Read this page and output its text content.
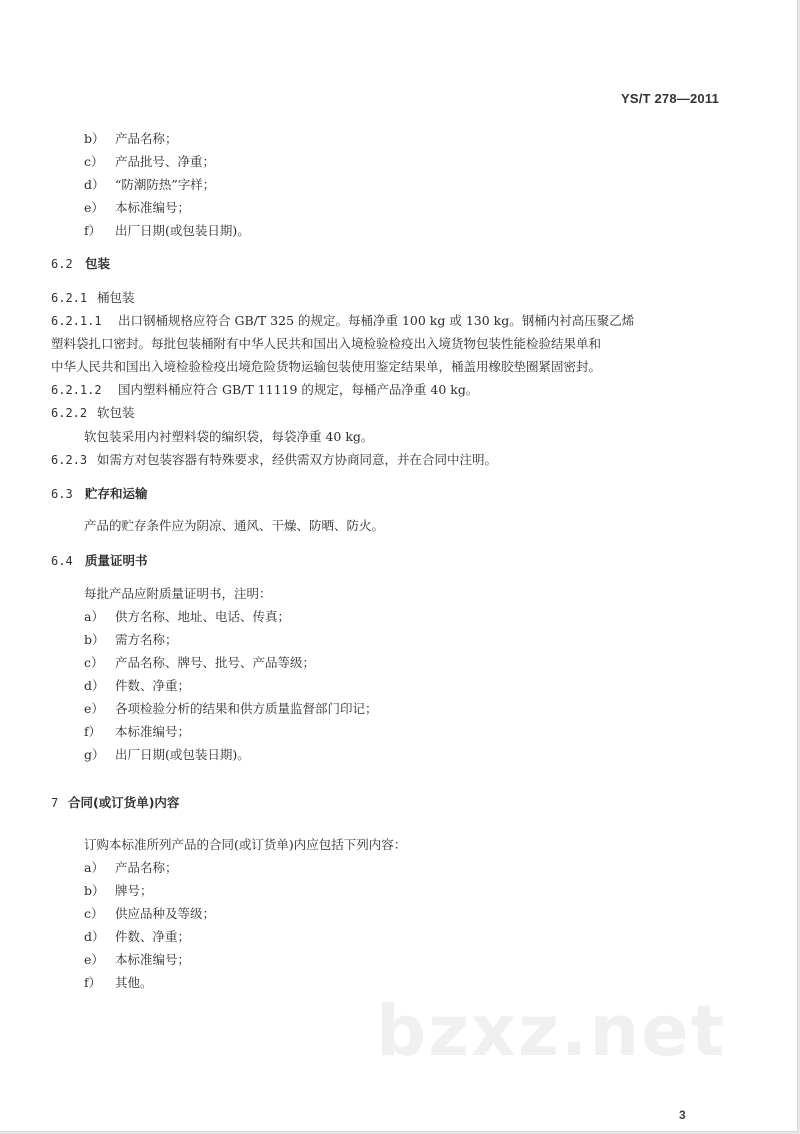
YS/T 278—2011
b） 产品名称；
c） 产品批号、净重；
d） “防潮防热”字样；
e） 本标准编号；
f） 出厂日期(或包装日期)。
6.2 包装
6.2.1 桶包装
6.2.1.1 出口钢桶规格应符合 GB/T 325 的规定。每桶净重 100 kg 或 130 kg。钢桶内衬高压聚乙烯
塑料袋扎口密封。每批包装桶附有中华人民共和国出入境检验检疫出入境货物包装性能检验结果单和
中华人民共和国出入境检验检疫出境危险货物运输包装使用鉴定结果单，桶盖用橡胶垫圈紧固密封。
6.2.1.2 国内塑料桶应符合 GB/T 11119 的规定，每桶产品净重 40 kg。
6.2.2 软包装
软包装采用内衬塑料袋的编织袋，每袋净重 40 kg。
6.2.3 如需方对包装容器有特殊要求，经供需双方协商同意，并在合同中注明。
6.3 贮存和运输
产品的贮存条件应为阴凉、通风、干燥、防晒、防火。
6.4 质量证明书
每批产品应附质量证明书，注明：
a） 供方名称、地址、电话、传真；
b） 需方名称；
c） 产品名称、牌号、批号、产品等级；
d） 件数、净重；
e） 各项检验分析的结果和供方质量监督部门印记；
f） 本标准编号；
g） 出厂日期(或包装日期)。
7 合同(或订货单)内容
订购本标准所列产品的合同(或订货单)内应包括下列内容：
a） 产品名称；
b） 牌号；
c） 供应品种及等级；
d） 件数、净重；
e） 本标准编号；
f） 其他。
bzxz.net
3
